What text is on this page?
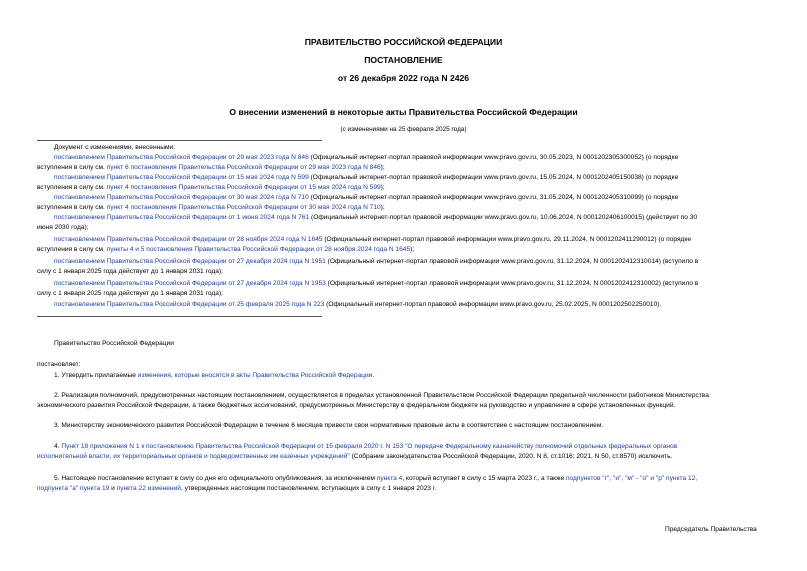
ПРАВИТЕЛЬСТВО РОССИЙСКОЙ ФЕДЕРАЦИИ
ПОСТАНОВЛЕНИЕ
от 26 декабря 2022 года N 2426
О внесении изменений в некоторые акты Правительства Российской Федерации
(с изменениями на 25 февраля 2025 года)
Документ с изменениями, внесенными:
постановлением Правительства Российской Федерации от 29 мая 2023 года N 846 (Официальный интернет-портал правовой информации www.pravo.gov.ru, 30.05.2023, N 0001202305300052) (о порядке
вступления в силу см. пункт 6 постановления Правительства Российской Федерации от 29 мая 2023 года N 846);
постановлением Правительства Российской Федерации от 15 мая 2024 года N 599 (Официальный интернет-портал правовой информации www.pravo.gov.ru, 15.05.2024, N 0001202405150038) (о порядке
вступления в силу см. пункт 4 постановления Правительства Российской Федерации от 15 мая 2024 года N 599);
постановлением Правительства Российской Федерации от 30 мая 2024 года N 710 (Официальный интернет-портал правовой информации www.pravo.gov.ru, 31.05.2024, N 0001202405310099) (о порядке
вступления в силу см. пункт 4 постановления Правительства Российской Федерации от 30 мая 2024 года N 710);
постановлением Правительства Российской Федерации от 1 июня 2024 года N 761 (Официальный интернет-портал правовой информации www.pravo.gov.ru, 10.06.2024, N 0001202406100015) (действует по 30
июня 2030 года);
постановлением Правительства Российской Федерации от 28 ноября 2024 года N 1645 (Официальный интернет-портал правовой информации www.pravo.gov.ru, 29.11.2024, N 0001202411290012) (о порядке
вступления в силу см. пункты 4 и 5 постановления Правительства Российской Федерации от 28 ноября 2024 года N 1645);
постановлением Правительства Российской Федерации от 27 декабря 2024 года N 1951 (Официальный интернет-портал правовой информации www.pravo.gov.ru, 31.12.2024, N 0001202412310014) (вступило в
силу с 1 января 2025 года действует до 1 января 2031 года);
постановлением Правительства Российской Федерации от 27 декабря 2024 года N 1953 (Официальный интернет-портал правовой информации www.pravo.gov.ru, 31.12.2024, N 0001202412310002) (вступило в
силу с 1 января 2025 года действует до 1 января 2031 года);
постановлением Правительства Российской Федерации от 25 февраля 2025 года N 223 (Официальный интернет-портал правовой информации www.pravo.gov.ru, 25.02.2025, N 0001202502250010).
Правительство Российской Федерации
постановляет:
1. Утвердить прилагаемые изменения, которые вносятся в акты Правительства Российской Федерации.
2. Реализация полномочий, предусмотренных настоящим постановлением, осуществляется в пределах установленной Правительством Российской Федерации предельной численности работников Министерства
экономического развития Российской Федерации, а также бюджетных ассигнований, предусмотренных Министерству в федеральном бюджете на руководство и управление в сфере установленных функций.
3. Министерству экономического развития Российской Федерации в течение 6 месяцев привести свои нормативные правовые акты в соответствие с настоящим постановлением.
4. Пункт 18 приложения N 1 к постановлению Правительства Российской Федерации от 15 февраля 2020 г. N 153 "О передаче Федеральному казначейству полномочий отдельных федеральных органов
исполнительной власти, их территориальных органов и подведомственных им казенных учреждений" (Собрание законодательства Российской Федерации, 2020, N 8, ст.1016; 2021, N 50, ст.8570) исключить.
5. Настоящее постановление вступает в силу со дня его официального опубликования, за исключением пункта 4, который вступает в силу с 15 марта 2023 г., а также подпунктов "г", "и", "м" - "о" и "р" пункта 12,
подпункта "а" пункта 19 и пункта 22 изменений, утвержденных настоящим постановлением, вступающих в силу с 1 января 2023 г.
Председатель Правительства
